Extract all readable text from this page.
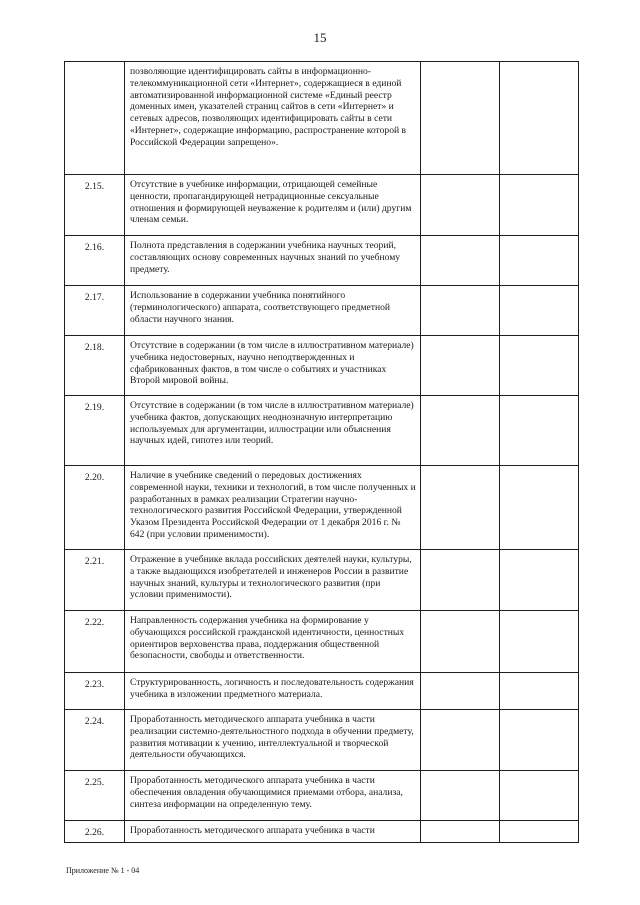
15
	позволяющие идентифицировать сайты в информационно-телекоммуникационной сети «Интернет», содержащиеся в единой автоматизированной информационной системе «Единый реестр доменных имен, указателей страниц сайтов в сети «Интернет» и сетевых адресов, позволяющих идентифицировать сайты в сети «Интернет», содержащие информацию, распространение которой в Российской Федерации запрещено».		
2.15.	Отсутствие в учебнике информации, отрицающей семейные ценности, пропагандирующей нетрадиционные сексуальные отношения и формирующей неуважение к родителям и (или) другим членам семьи.		
2.16.	Полнота представления в содержании учебника научных теорий, составляющих основу современных научных знаний по учебному предмету.		
2.17.	Использование в содержании учебника понятийного (терминологического) аппарата, соответствующего предметной области научного знания.		
2.18.	Отсутствие в содержании (в том числе в иллюстративном материале) учебника недостоверных, научно неподтвержденных и сфабрикованных фактов, в том числе о событиях и участниках Второй мировой войны.		
2.19.	Отсутствие в содержании (в том числе в иллюстративном материале) учебника фактов, допускающих неоднозначную интерпретацию используемых для аргументации, иллюстрации или объяснения научных идей, гипотез или теорий.		
2.20.	Наличие в учебнике сведений о передовых достижениях современной науки, техники и технологий, в том числе полученных и разработанных в рамках реализации Стратегии научно-технологического развития Российской Федерации, утвержденной Указом Президента Российской Федерации от 1 декабря 2016 г. № 642 (при условии применимости).		
2.21.	Отражение в учебнике вклада российских деятелей науки, культуры, а также выдающихся изобретателей и инженеров России в развитие научных знаний, культуры и технологического развития (при условии применимости).		
2.22.	Направленность содержания учебника на формирование у обучающихся российской гражданской идентичности, ценностных ориентиров верховенства права, поддержания общественной безопасности, свободы и ответственности.		
2.23.	Структурированность, логичность и последовательность содержания учебника в изложении предметного материала.		
2.24.	Проработанность методического аппарата учебника в части реализации системно-деятельностного подхода в обучении предмету, развития мотивации к учению, интеллектуальной и творческой деятельности обучающихся.		
2.25.	Проработанность методического аппарата учебника в части обеспечения овладения обучающимися приемами отбора, анализа, синтеза информации на определенную тему.		
2.26.	Проработанность методического аппарата учебника в части		
Приложение № 1 - 04
